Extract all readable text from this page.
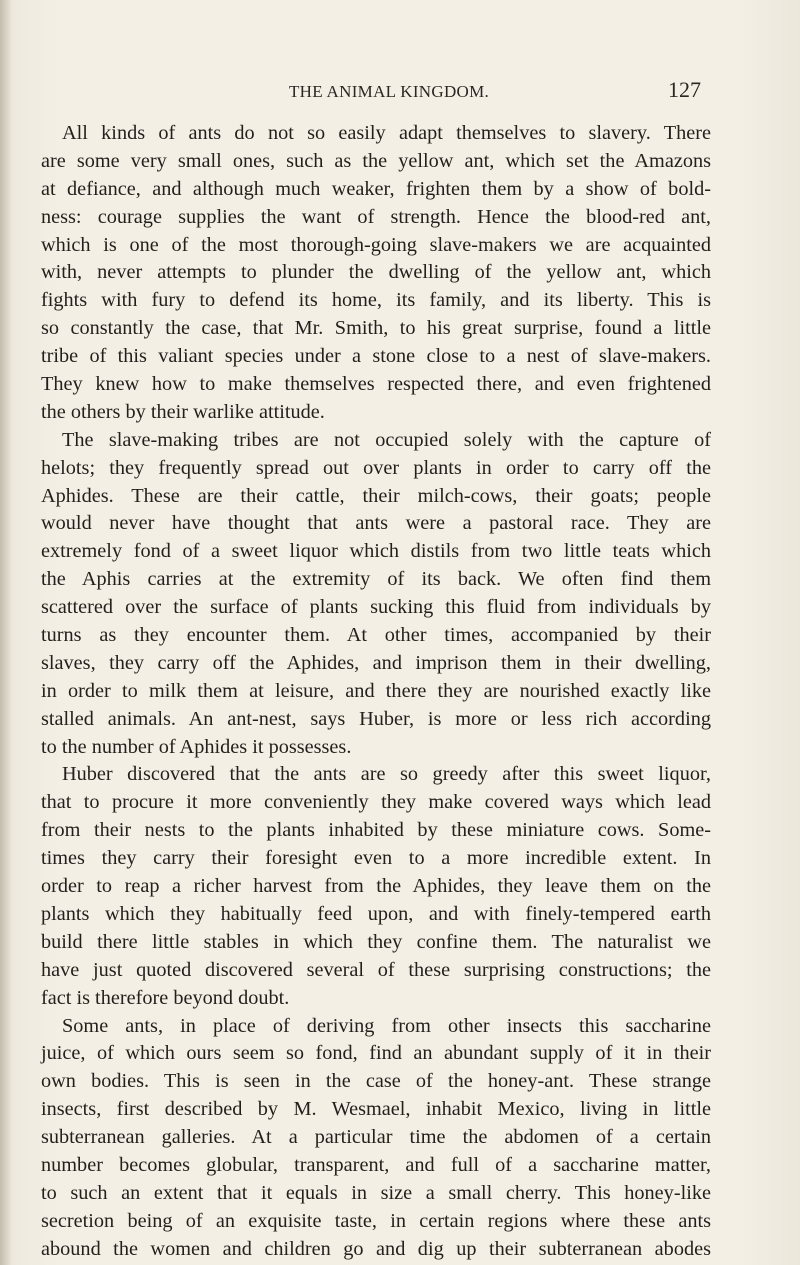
THE ANIMAL KINGDOM.	127
All kinds of ants do not so easily adapt themselves to slavery. There
are some very small ones, such as the yellow ant, which set the Amazons
at defiance, and although much weaker, frighten them by a show of bold-
ness: courage supplies the want of strength. Hence the blood-red ant,
which is one of the most thorough-going slave-makers we are acquainted
with, never attempts to plunder the dwelling of the yellow ant, which
fights with fury to defend its home, its family, and its liberty. This is
so constantly the case, that Mr. Smith, to his great surprise, found a little
tribe of this valiant species under a stone close to a nest of slave-makers.
They knew how to make themselves respected there, and even frightened
the others by their warlike attitude.
The slave-making tribes are not occupied solely with the capture of
helots; they frequently spread out over plants in order to carry off the
Aphides. These are their cattle, their milch-cows, their goats; people
would never have thought that ants were a pastoral race. They are
extremely fond of a sweet liquor which distils from two little teats which
the Aphis carries at the extremity of its back. We often find them
scattered over the surface of plants sucking this fluid from individuals by
turns as they encounter them. At other times, accompanied by their
slaves, they carry off the Aphides, and imprison them in their dwelling,
in order to milk them at leisure, and there they are nourished exactly like
stalled animals. An ant-nest, says Huber, is more or less rich according
to the number of Aphides it possesses.
Huber discovered that the ants are so greedy after this sweet liquor,
that to procure it more conveniently they make covered ways which lead
from their nests to the plants inhabited by these miniature cows. Some-
times they carry their foresight even to a more incredible extent. In
order to reap a richer harvest from the Aphides, they leave them on the
plants which they habitually feed upon, and with finely-tempered earth
build there little stables in which they confine them. The naturalist we
have just quoted discovered several of these surprising constructions; the
fact is therefore beyond doubt.
Some ants, in place of deriving from other insects this saccharine
juice, of which ours seem so fond, find an abundant supply of it in their
own bodies. This is seen in the case of the honey-ant. These strange
insects, first described by M. Wesmael, inhabit Mexico, living in little
subterranean galleries. At a particular time the abdomen of a certain
number becomes globular, transparent, and full of a saccharine matter,
to such an extent that it equals in size a small cherry. This honey-like
secretion being of an exquisite taste, in certain regions where these ants
abound the women and children go and dig up their subterranean abodes
